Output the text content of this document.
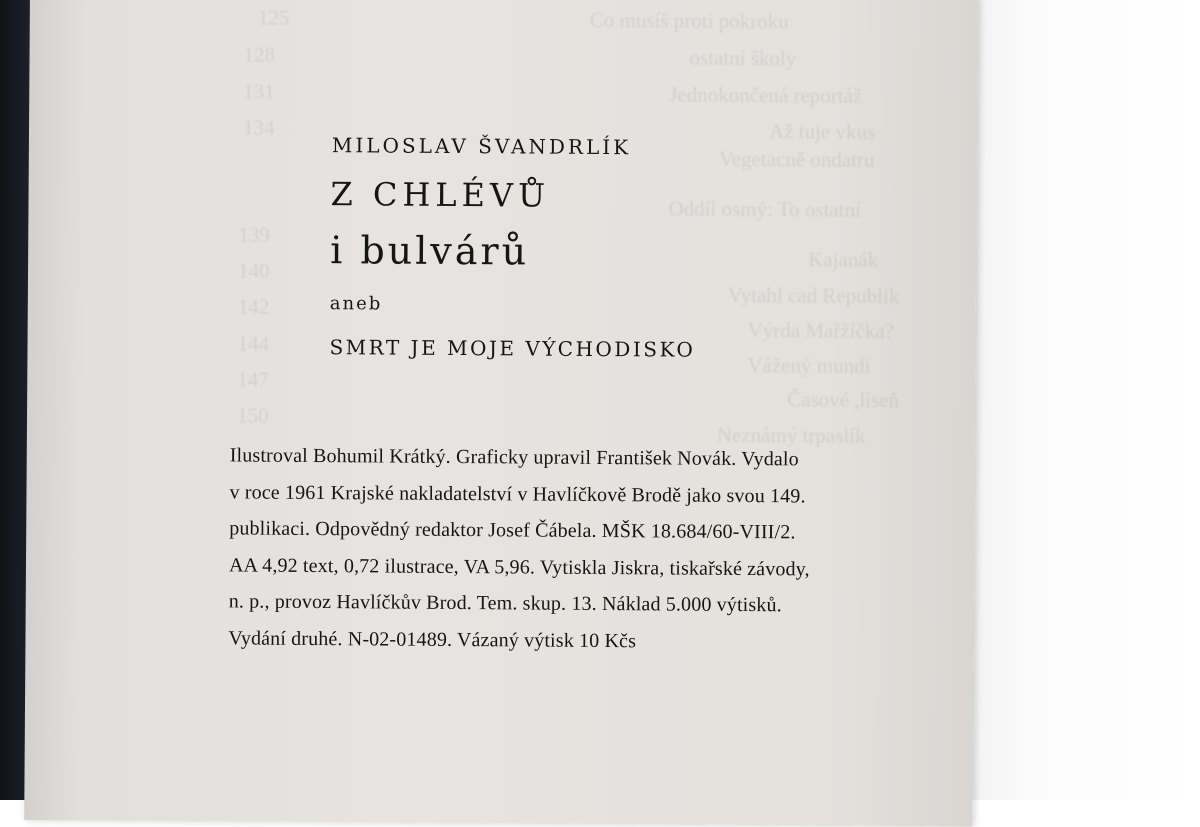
125
128
131
134
139
140
142
144
147
150
Co musíš proti pokroku
ostatní školy
Jednokončená reportáž
Až tuje vkus
Vegetacně ondatru
Oddíl osmý: To ostatní
Kajanák
Vytahl cad Republik
Výrda Mařžíčka?
Vážený mundi
Časové ,líseň
Neznámý trpaslík
MILOSLAV ŠVANDRLÍK
Z CHLÉVŮ
i bulvárů
aneb
SMRT JE MOJE VÝCHODISKO
Ilustroval Bohumil Krátký. Graficky upravil František Novák. Vydalo
v roce 1961 Krajské nakladatelství v Havlíčkově Brodě jako svou 149.
publikaci. Odpovědný redaktor Josef Čábela. MŠK 18.684/60-VIII/2.
AA 4,92 text, 0,72 ilustrace, VA 5,96. Vytiskla Jiskra, tiskařské závody,
n. p., provoz Havlíčkův Brod. Tem. skup. 13. Náklad 5.000 výtisků.
Vydání druhé. N-02-01489. Vázaný výtisk 10 Kčs
